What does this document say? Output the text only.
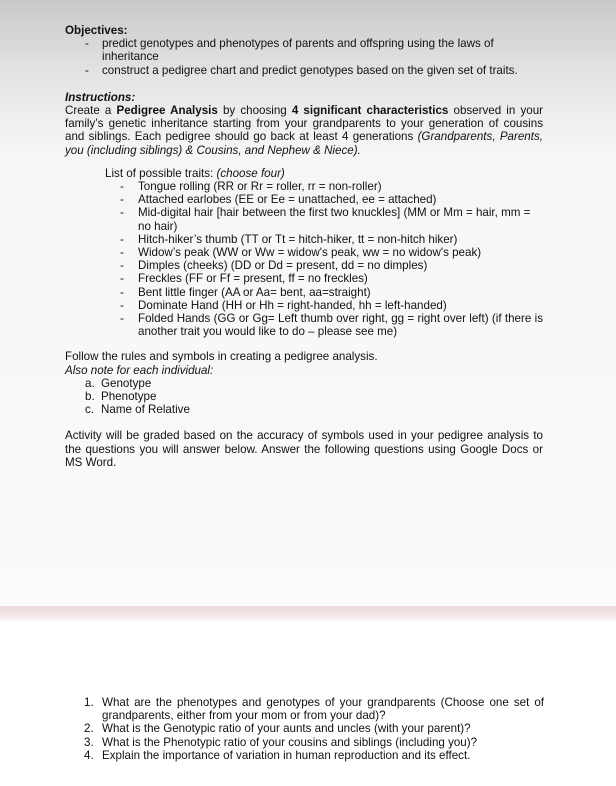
Objectives:
- predict genotypes and phenotypes of parents and offspring using the laws of inheritance
- construct a pedigree chart and predict genotypes based on the given set of traits.
Instructions:
Create a Pedigree Analysis by choosing 4 significant characteristics observed in your family’s genetic inheritance starting from your grandparents to your generation of cousins and siblings. Each pedigree should go back at least 4 generations (Grandparents, Parents, you (including siblings) & Cousins, and Nephew & Niece).
List of possible traits: (choose four)
- Tongue rolling (RR or Rr = roller, rr = non-roller)
- Attached earlobes (EE or Ee = unattached, ee = attached)
- Mid-digital hair [hair between the first two knuckles] (MM or Mm = hair, mm = no hair)
- Hitch-hiker’s thumb (TT or Tt = hitch-hiker, tt = non-hitch hiker)
- Widow’s peak (WW or Ww = widow's peak, ww = no widow's peak)
- Dimples (cheeks) (DD or Dd = present, dd = no dimples)
- Freckles (FF or Ff = present, ff = no freckles)
- Bent little finger (AA or Aa= bent, aa=straight)
- Dominate Hand (HH or Hh = right-handed, hh = left-handed)
- Folded Hands (GG or Gg= Left thumb over right, gg = right over left) (if there is another trait you would like to do – please see me)
Follow the rules and symbols in creating a pedigree analysis.
Also note for each individual:
a. Genotype
b. Phenotype
c. Name of Relative
Activity will be graded based on the accuracy of symbols used in your pedigree analysis to the questions you will answer below. Answer the following questions using Google Docs or MS Word.
1. What are the phenotypes and genotypes of your grandparents (Choose one set of grandparents, either from your mom or from your dad)?
2. What is the Genotypic ratio of your aunts and uncles (with your parent)?
3. What is the Phenotypic ratio of your cousins and siblings (including you)?
4. Explain the importance of variation in human reproduction and its effect.
